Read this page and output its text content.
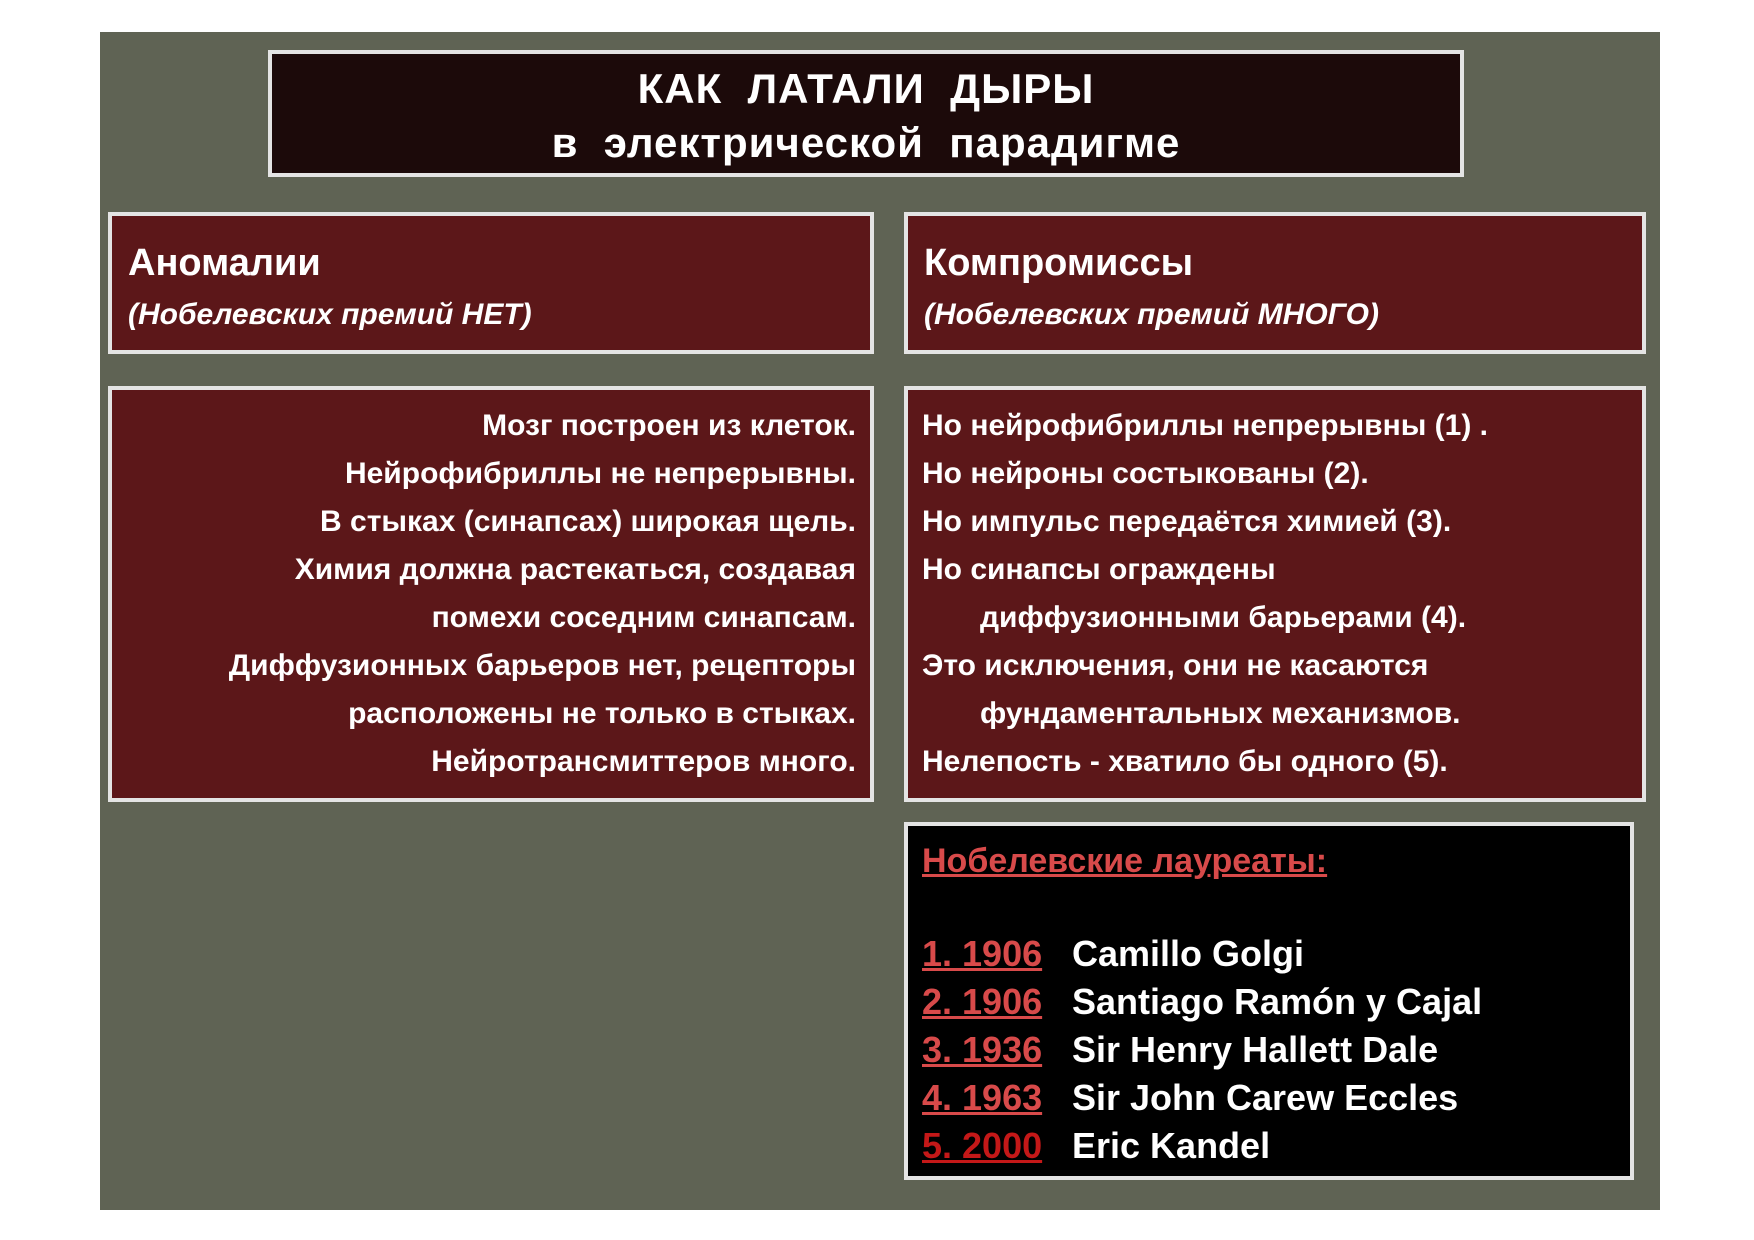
КАК  ЛАТАЛИ  ДЫРЫ
в  электрической  парадигме
Аномалии
(Нобелевских премий НЕТ)
Компромиссы
(Нобелевских премий МНОГО)
Мозг построен из клеток.
Нейрофибриллы не непрерывны.
В стыках (синапсах) широкая щель.
Химия должна растекаться, создавая
помехи соседним синапсам.
Диффузионных барьеров нет, рецепторы
расположены не только в стыках.
Нейротрансмиттеров много.
Но нейрофибриллы непрерывны (1) .
Но нейроны состыкованы (2).
Но импульс передаётся химией (3).
Но синапсы ограждены
диффузионными барьерами (4).
Это исключения, они не касаются
фундаментальных механизмов.
Нелепость - хватило бы одного (5).
Нобелевские лауреаты:
1. 1906 Camillo Golgi
2. 1906 Santiago Ramón y Cajal
3. 1936 Sir Henry Hallett Dale
4. 1963 Sir John Carew Eccles
5. 2000 Eric Kandel
